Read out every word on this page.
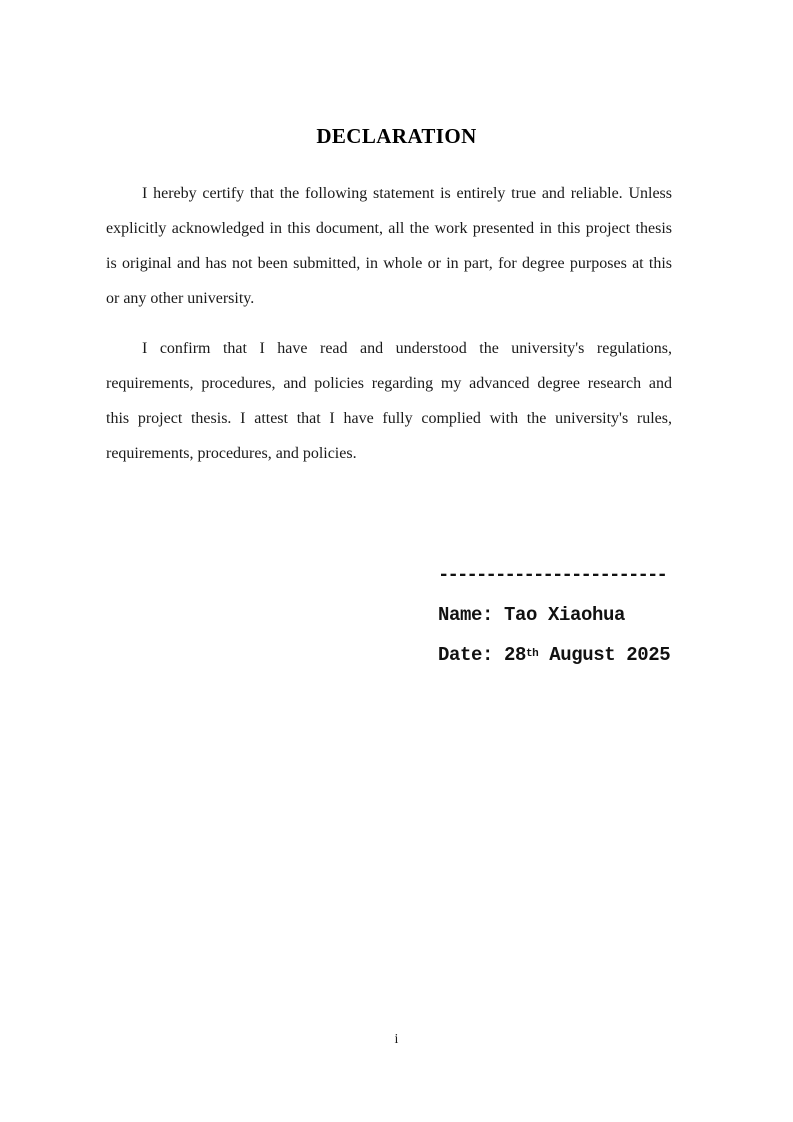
DECLARATION
I hereby certify that the following statement is entirely true and reliable. Unless
explicitly acknowledged in this document, all the work presented in this project thesis
is original and has not been submitted, in whole or in part, for degree purposes at this
or any other university.
I confirm that I have read and understood the university's regulations,
requirements, procedures, and policies regarding my advanced degree research and
this project thesis. I attest that I have fully complied with the university's rules,
requirements, procedures, and policies.
------------------------
Name: Tao Xiaohua
Date: 28th August 2025
i
